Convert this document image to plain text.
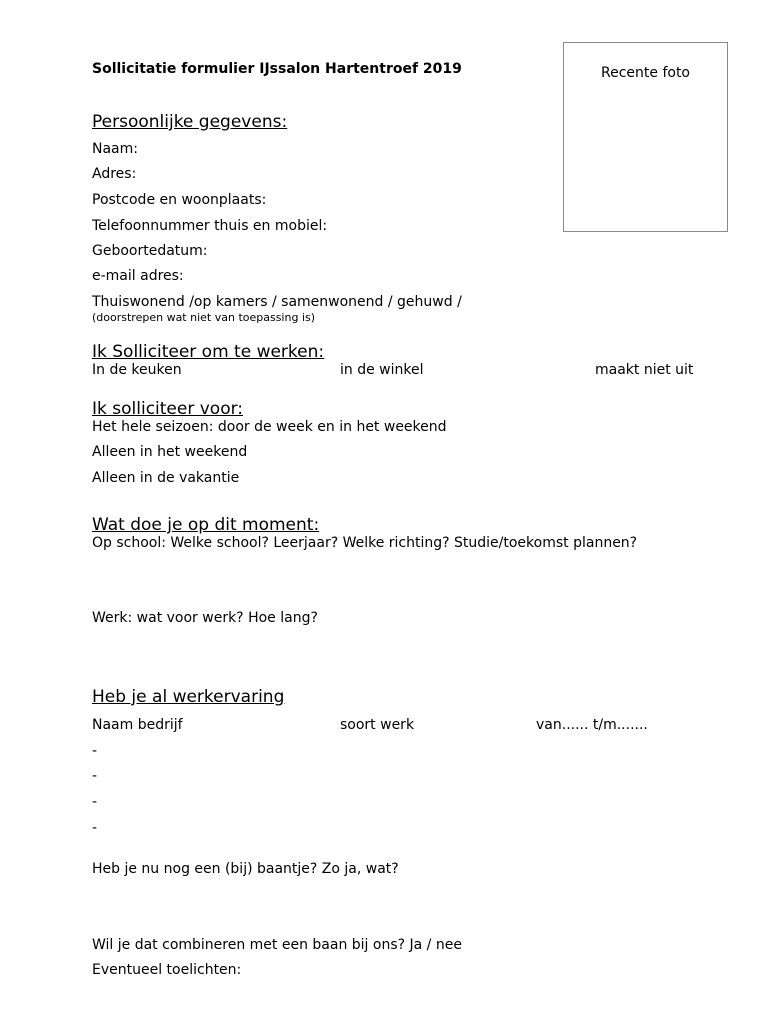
Sollicitatie formulier IJssalon Hartentroef 2019	Recente foto
Persoonlijke gegevens:
Naam:
Adres:
Postcode en woonplaats:
Telefoonnummer thuis en mobiel:
Geboortedatum:
e-mail adres:
Thuiswonend /op kamers / samenwonend / gehuwd /
(doorstrepen wat niet van toepassing is)
Ik Solliciteer om te werken:
In de keuken	in de winkel	maakt niet uit
Ik solliciteer voor:
Het hele seizoen: door de week en in het weekend
Alleen in het weekend
Alleen in de vakantie
Wat doe je op dit moment:
Op school: Welke school? Leerjaar? Welke richting? Studie/toekomst plannen?
Werk: wat voor werk? Hoe lang?
Heb je al werkervaring
Naam bedrijf	soort werk	van...... t/m.......
-
-
-
-
Heb je nu nog een (bij) baantje? Zo ja, wat?
Wil je dat combineren met een baan bij ons? Ja / nee
Eventueel toelichten:
